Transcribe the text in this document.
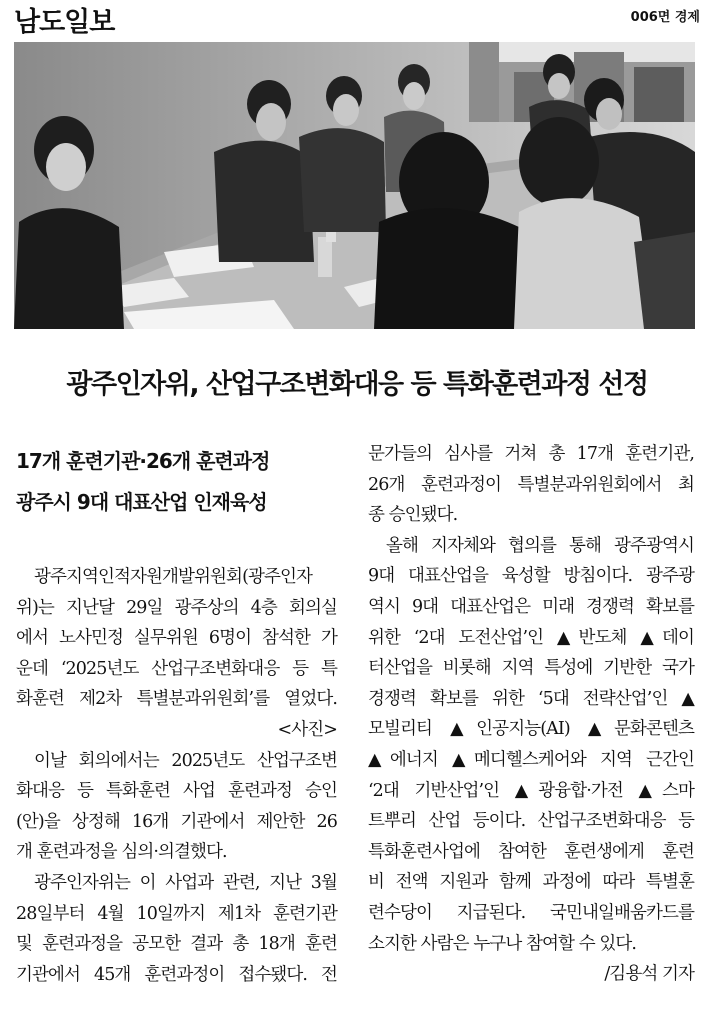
남도일보	006면 경제
광주인자위, 산업구조변화대응 등 특화훈련과정 선정
17개 훈련기관·26개 훈련과정
광주시 9대 대표산업 인재육성
광주지역인적자원개발위원회(광주인자
위)는 지난달 29일 광주상의 4층 회의실
에서 노사민정 실무위원 6명이 참석한 가
운데 ‘2025년도 산업구조변화대응 등 특
화훈련 제2차 특별분과위원회’를 열었다.
<사진>
이날 회의에서는 2025년도 산업구조변
화대응 등 특화훈련 사업 훈련과정 승인
(안)을 상정해 16개 기관에서 제안한 26
개 훈련과정을 심의·의결했다.
광주인자위는 이 사업과 관련, 지난 3월
28일부터 4월 10일까지 제1차 훈련기관
및 훈련과정을 공모한 결과 총 18개 훈련
기관에서 45개 훈련과정이 접수됐다. 전
문가들의 심사를 거쳐 총 17개 훈련기관,
26개 훈련과정이 특별분과위원회에서 최
종 승인됐다.
올해 지자체와 협의를 통해 광주광역시
9대 대표산업을 육성할 방침이다. 광주광
역시 9대 대표산업은 미래 경쟁력 확보를
위한 ‘2대 도전산업’인 ▲반도체 ▲데이
터산업을 비롯해 지역 특성에 기반한 국가
경쟁력 확보를 위한 ‘5대 전략산업’인 ▲
모빌리티 ▲인공지능(AI) ▲문화콘텐츠
▲에너지 ▲메디헬스케어와 지역 근간인
‘2대 기반산업’인 ▲광융합·가전 ▲스마
트뿌리 산업 등이다. 산업구조변화대응 등
특화훈련사업에 참여한 훈련생에게 훈련
비 전액 지원과 함께 과정에 따라 특별훈
련수당이 지급된다. 국민내일배움카드를
소지한 사람은 누구나 참여할 수 있다.
/김용석 기자
